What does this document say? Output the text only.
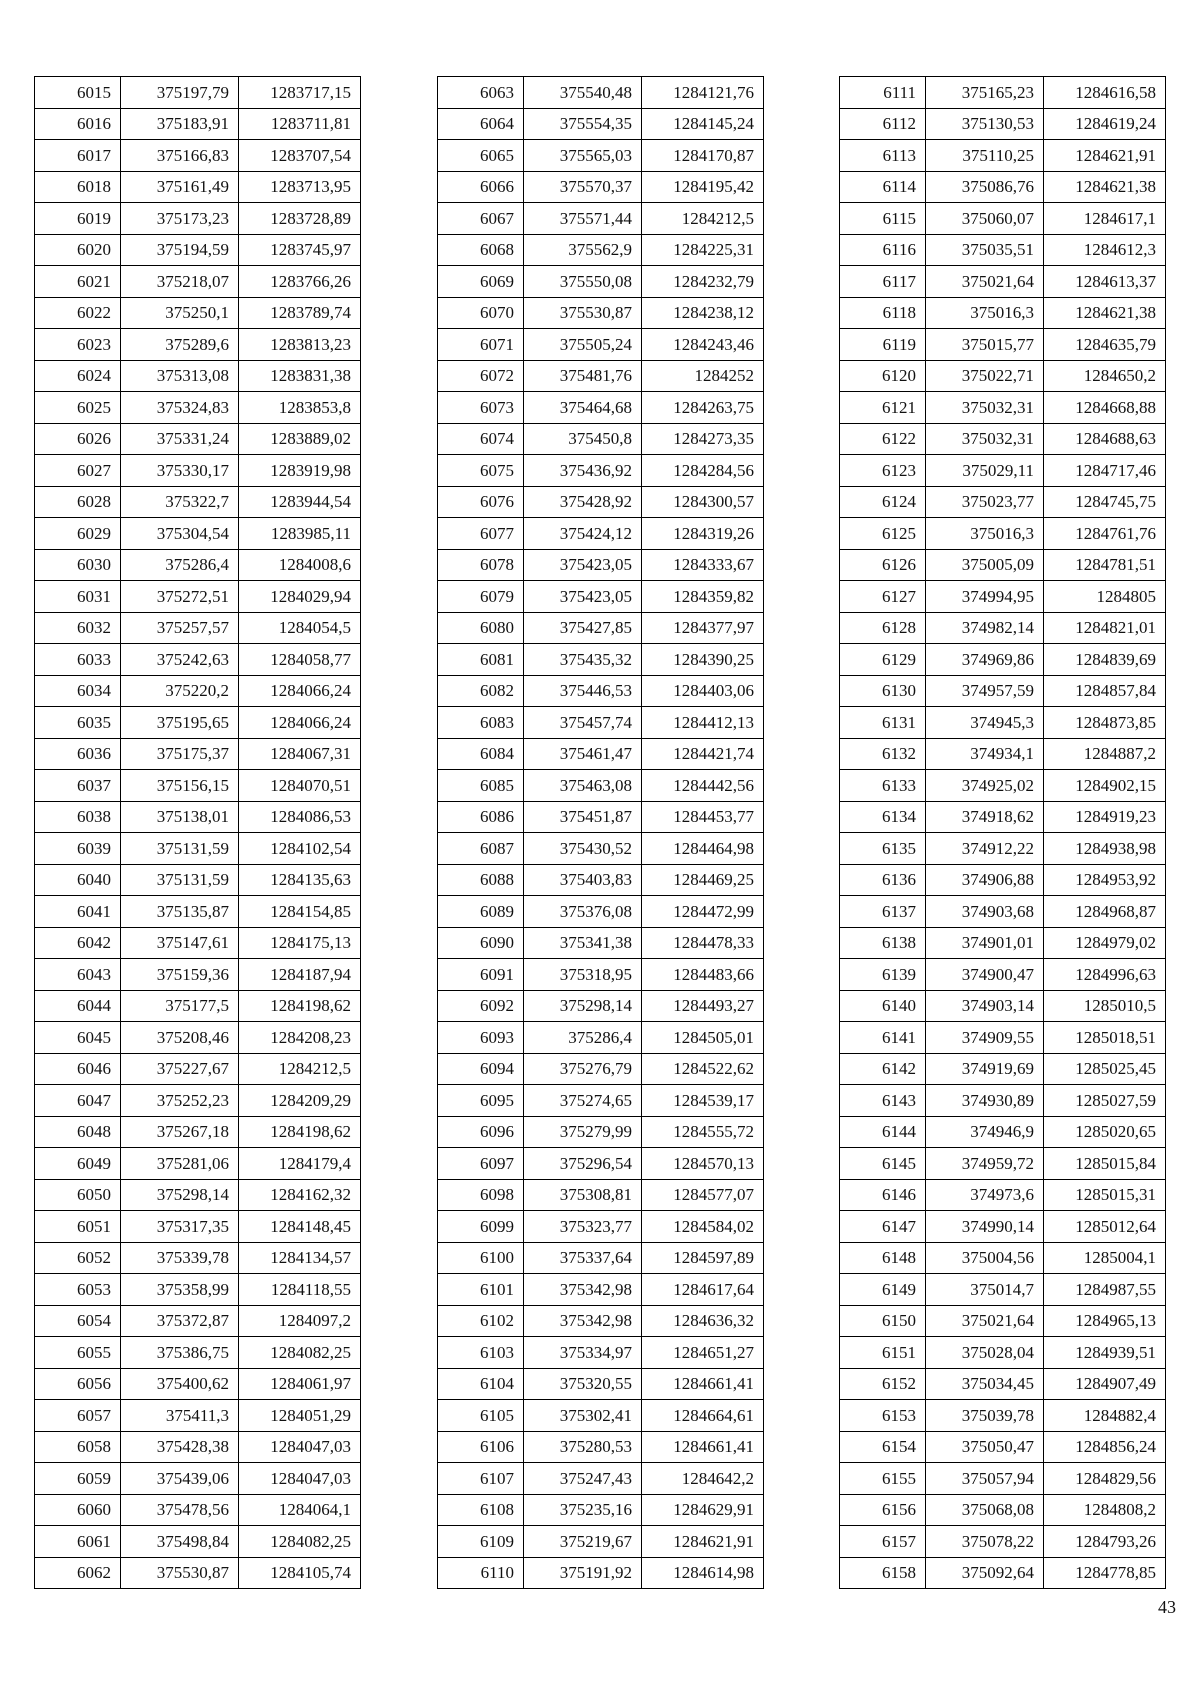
6015	375197,79	1283717,15
6016	375183,91	1283711,81
6017	375166,83	1283707,54
6018	375161,49	1283713,95
6019	375173,23	1283728,89
6020	375194,59	1283745,97
6021	375218,07	1283766,26
6022	375250,1	1283789,74
6023	375289,6	1283813,23
6024	375313,08	1283831,38
6025	375324,83	1283853,8
6026	375331,24	1283889,02
6027	375330,17	1283919,98
6028	375322,7	1283944,54
6029	375304,54	1283985,11
6030	375286,4	1284008,6
6031	375272,51	1284029,94
6032	375257,57	1284054,5
6033	375242,63	1284058,77
6034	375220,2	1284066,24
6035	375195,65	1284066,24
6036	375175,37	1284067,31
6037	375156,15	1284070,51
6038	375138,01	1284086,53
6039	375131,59	1284102,54
6040	375131,59	1284135,63
6041	375135,87	1284154,85
6042	375147,61	1284175,13
6043	375159,36	1284187,94
6044	375177,5	1284198,62
6045	375208,46	1284208,23
6046	375227,67	1284212,5
6047	375252,23	1284209,29
6048	375267,18	1284198,62
6049	375281,06	1284179,4
6050	375298,14	1284162,32
6051	375317,35	1284148,45
6052	375339,78	1284134,57
6053	375358,99	1284118,55
6054	375372,87	1284097,2
6055	375386,75	1284082,25
6056	375400,62	1284061,97
6057	375411,3	1284051,29
6058	375428,38	1284047,03
6059	375439,06	1284047,03
6060	375478,56	1284064,1
6061	375498,84	1284082,25
6062	375530,87	1284105,74
6063	375540,48	1284121,76
6064	375554,35	1284145,24
6065	375565,03	1284170,87
6066	375570,37	1284195,42
6067	375571,44	1284212,5
6068	375562,9	1284225,31
6069	375550,08	1284232,79
6070	375530,87	1284238,12
6071	375505,24	1284243,46
6072	375481,76	1284252
6073	375464,68	1284263,75
6074	375450,8	1284273,35
6075	375436,92	1284284,56
6076	375428,92	1284300,57
6077	375424,12	1284319,26
6078	375423,05	1284333,67
6079	375423,05	1284359,82
6080	375427,85	1284377,97
6081	375435,32	1284390,25
6082	375446,53	1284403,06
6083	375457,74	1284412,13
6084	375461,47	1284421,74
6085	375463,08	1284442,56
6086	375451,87	1284453,77
6087	375430,52	1284464,98
6088	375403,83	1284469,25
6089	375376,08	1284472,99
6090	375341,38	1284478,33
6091	375318,95	1284483,66
6092	375298,14	1284493,27
6093	375286,4	1284505,01
6094	375276,79	1284522,62
6095	375274,65	1284539,17
6096	375279,99	1284555,72
6097	375296,54	1284570,13
6098	375308,81	1284577,07
6099	375323,77	1284584,02
6100	375337,64	1284597,89
6101	375342,98	1284617,64
6102	375342,98	1284636,32
6103	375334,97	1284651,27
6104	375320,55	1284661,41
6105	375302,41	1284664,61
6106	375280,53	1284661,41
6107	375247,43	1284642,2
6108	375235,16	1284629,91
6109	375219,67	1284621,91
6110	375191,92	1284614,98
6111	375165,23	1284616,58
6112	375130,53	1284619,24
6113	375110,25	1284621,91
6114	375086,76	1284621,38
6115	375060,07	1284617,1
6116	375035,51	1284612,3
6117	375021,64	1284613,37
6118	375016,3	1284621,38
6119	375015,77	1284635,79
6120	375022,71	1284650,2
6121	375032,31	1284668,88
6122	375032,31	1284688,63
6123	375029,11	1284717,46
6124	375023,77	1284745,75
6125	375016,3	1284761,76
6126	375005,09	1284781,51
6127	374994,95	1284805
6128	374982,14	1284821,01
6129	374969,86	1284839,69
6130	374957,59	1284857,84
6131	374945,3	1284873,85
6132	374934,1	1284887,2
6133	374925,02	1284902,15
6134	374918,62	1284919,23
6135	374912,22	1284938,98
6136	374906,88	1284953,92
6137	374903,68	1284968,87
6138	374901,01	1284979,02
6139	374900,47	1284996,63
6140	374903,14	1285010,5
6141	374909,55	1285018,51
6142	374919,69	1285025,45
6143	374930,89	1285027,59
6144	374946,9	1285020,65
6145	374959,72	1285015,84
6146	374973,6	1285015,31
6147	374990,14	1285012,64
6148	375004,56	1285004,1
6149	375014,7	1284987,55
6150	375021,64	1284965,13
6151	375028,04	1284939,51
6152	375034,45	1284907,49
6153	375039,78	1284882,4
6154	375050,47	1284856,24
6155	375057,94	1284829,56
6156	375068,08	1284808,2
6157	375078,22	1284793,26
6158	375092,64	1284778,85
43
